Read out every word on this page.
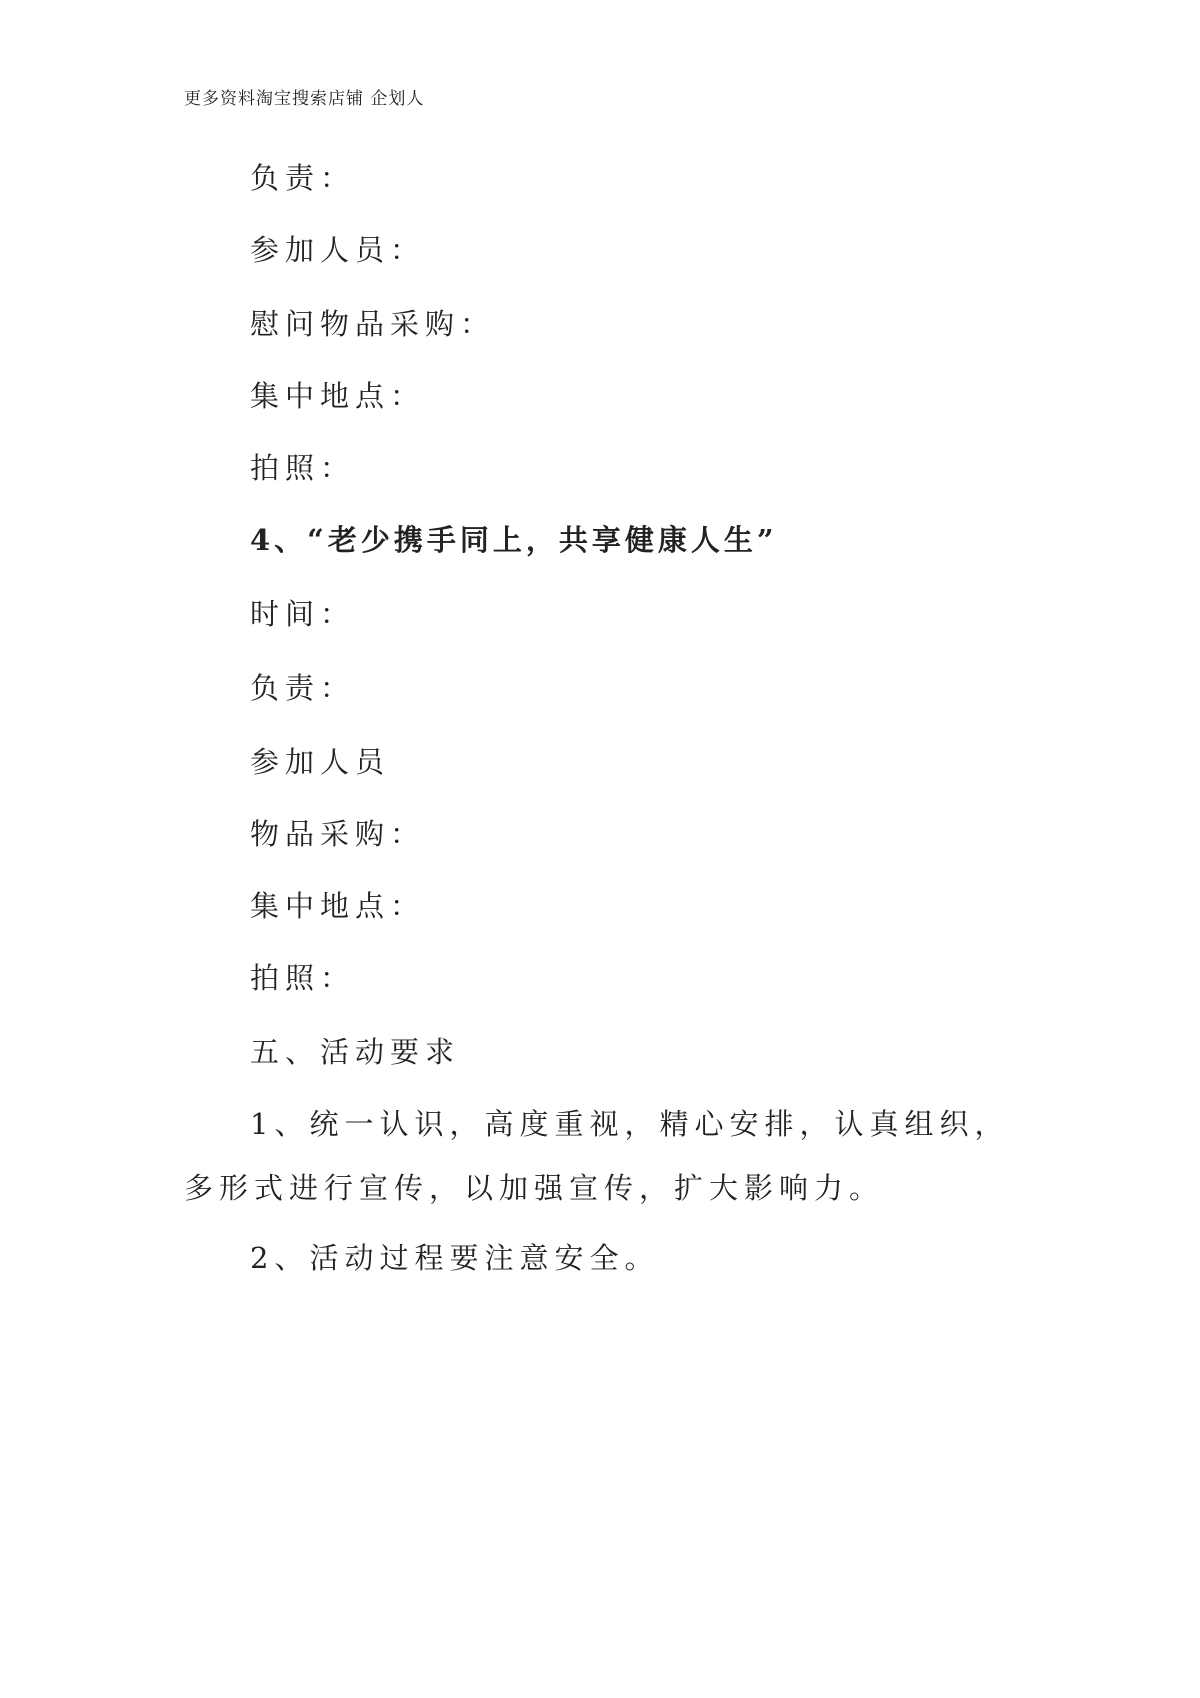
更多资料淘宝搜索店铺 企划人
负责：
参加人员：
慰问物品采购：
集中地点：
拍照：
4、“老少携手同上，共享健康人生”
时间：
负责：
参加人员
物品采购：
集中地点：
拍照：
五、活动要求
1、统一认识，高度重视，精心安排，认真组织，多形式进行宣传，以加强宣传，扩大影响力。
2、活动过程要注意安全。
